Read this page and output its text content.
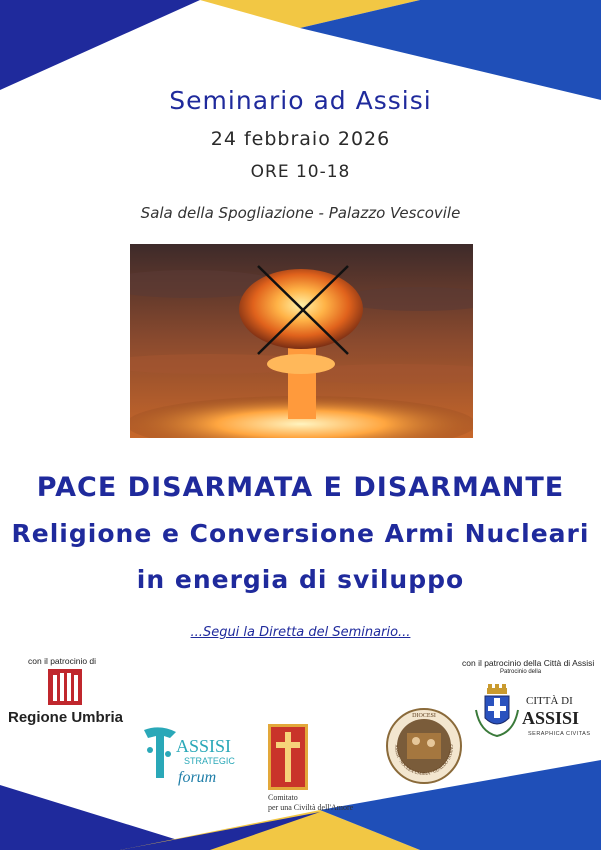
Seminario ad Assisi
24 febbraio 2026
ORE 10-18
Sala della Spogliazione - Palazzo Vescovile
PACE DISARMATA E DISARMANTE
Religione e Conversione Armi Nucleari
in energia di sviluppo
...Segui la Diretta del Seminario...
con il patrocinio di
Regione Umbria
ASSISI
STRATEGIC
forum
Comitato
per una Civiltà dell'Amore
DIOCESI
ASSISI · NOCERA UMBRA · GUALDO TADINO
con il patrocinio della Città di Assisi
Patrocinio della
CITTÀ DI
ASSISI
SERAPHICA CIVITAS
